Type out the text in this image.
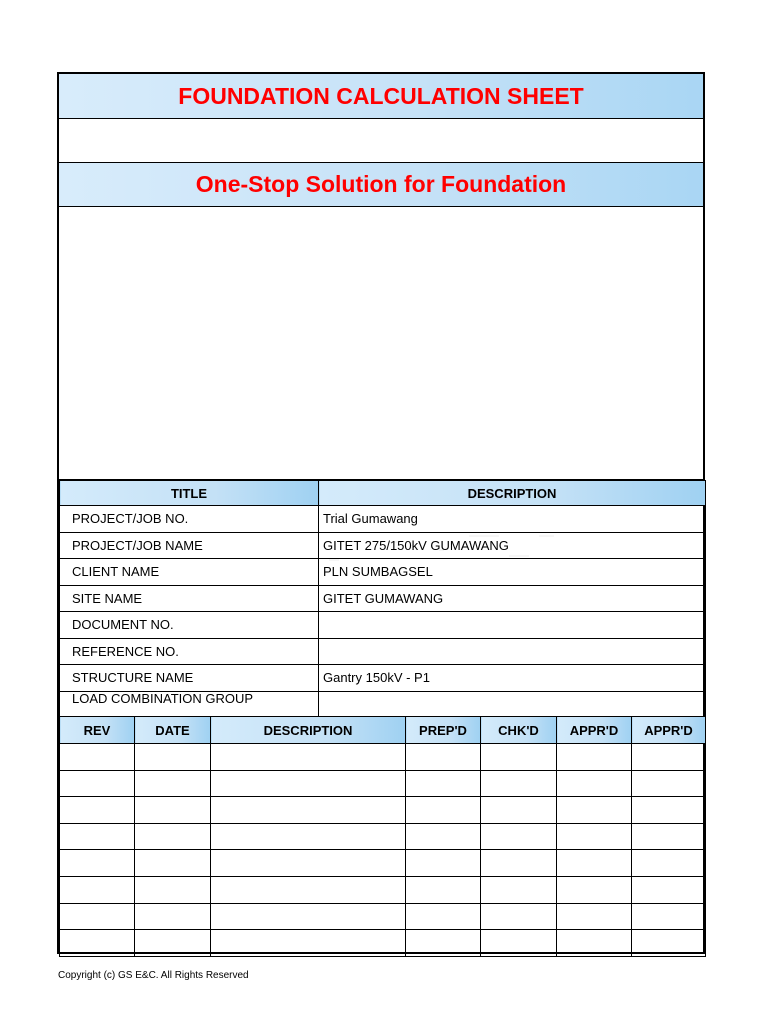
FOUNDATION CALCULATION SHEET
One-Stop Solution for Foundation
TITLE	DESCRIPTION
PROJECT/JOB NO.	Trial Gumawang
PROJECT/JOB NAME	GITET 275/150kV GUMAWANG
CLIENT NAME	PLN SUMBAGSEL
SITE NAME	GITET GUMAWANG
DOCUMENT NO.	
REFERENCE NO.	
STRUCTURE NAME	Gantry 150kV - P1
LOAD COMBINATION GROUP	
REV	DATE	DESCRIPTION	PREP'D	CHK'D	APPR'D	APPR'D

Copyright (c) GS E&C. All Rights Reserved
